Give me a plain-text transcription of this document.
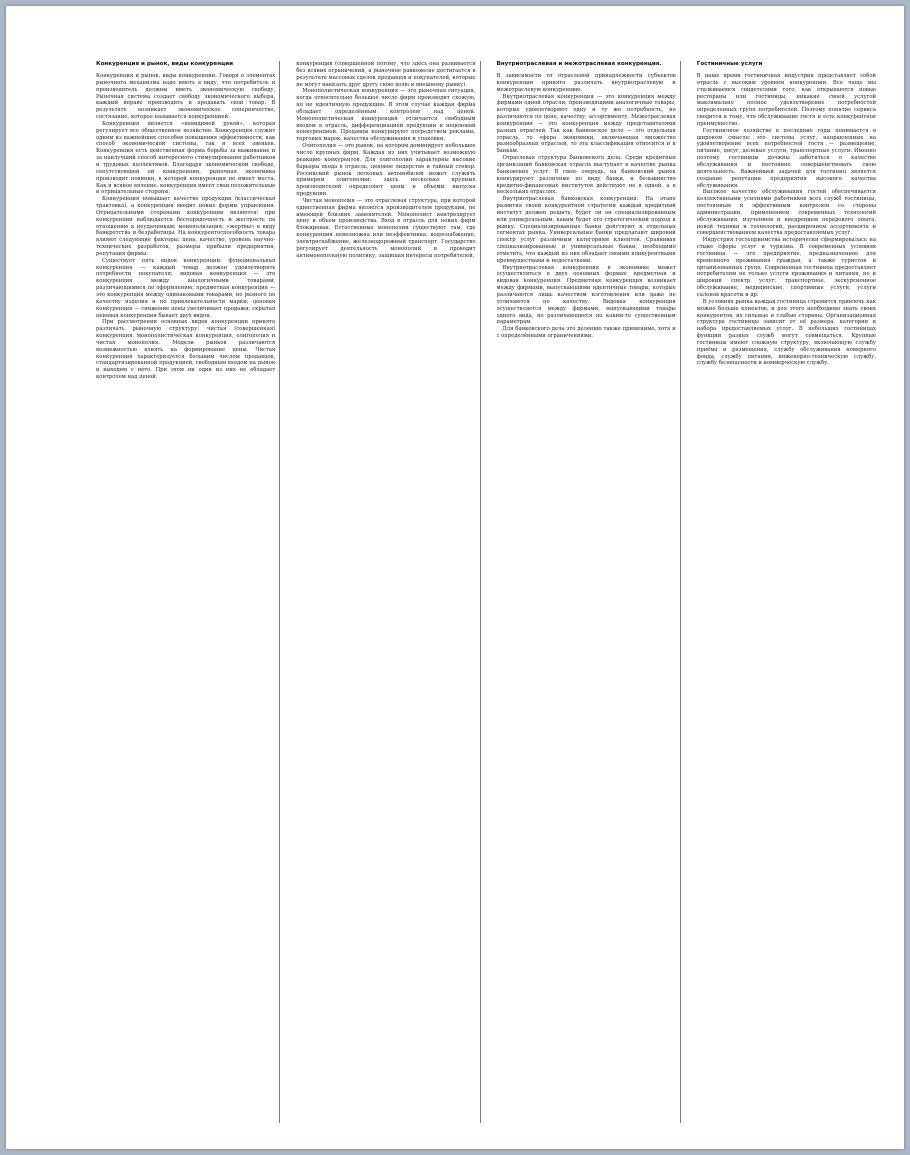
Конкуренция и рынок, виды конкуренции

Конкуренция и рынок, виды конкуренции. Говоря о элементах рыночного механизма надо иметь в виду, что потребитель и производитель должны иметь экономическую свободу. Рыночная система создает свободу экономического выбора, каждый вправе производить и продавать свой товар. В результате возникает экономическое соперничество, состязание, которое называется конкуренцией.

Конкуренция является «невидимой рукой», которая регулирует все общественное хозяйство. Конкуренция служит одним из важнейших способов повышения эффективности, как способ экономической системы, так и всех звеньев. Конкуренция есть действенная форма борьбы за выживание и за наилучший способ интересного стимулирования работников и трудовых коллективов. Благодаря экономической свободе, сопутствующей ей конкуренции, рыночная экономика производит новинки, в которой конкуренция не имеет места. Как и всякое явление, конкуренция имеет свои положительные и отрицательные стороны.

Конкуренция повышает качество продукции (классическая трактовка), а конкуренция вводит новые формы управления. Отрицательными сторонами конкуренции являются: при конкуренции наблюдается беспорядочность и жесткость по отношению к неудачникам; монополизация; «жертвы» в виду банкротства и безработицы. На конкурентоспособность товара влияют следующие факторы: цена, качество, уровень научно-технических разработок, размеры прибыли предприятия, репутация фирмы.

Существует пять видов конкуренции: функциональная конкуренция — каждый товар должен удовлетворять потребности покупателя; видовая конкуренция — это конкуренция между аналогичными товарами, различающимися по оформлению; предметная конкуренция — это конкуренция между одинаковыми товарами, но разного по качеству изделия и по привлекательности марки; ценовая конкуренция — снижение цены увеличивает продажи; скрытая ценовая конкуренция бывает двух видов.

При рассмотрении основных видов конкуренции принято различать рыночную структуру: чистая (совершенная) конкуренция, монополистическая конкуренция, олигополия и чистая монополия. Модели рынков различаются возможностью влиять на формирование цены. Чистая конкуренция характеризуется большим числом продавцов, стандартизированной продукцией, свободным входом на рынок и выходом с него. При этом ни один из них не обладает контролем над ценой.

конкуренция (совершенной потому, что здесь она развивается без всяких ограничений, а рыночное равновесие достигается в результате массовых сделок продавцов и покупателей, которые не могут навязать друг другу свою волю и внешнему рынку).

Монополистическая конкуренция — это рыночная ситуация, когда относительно большое число фирм производит схожую, но не идентичную продукцию. В этом случае каждая фирма обладает определённым контролем над ценой. Монополистическая конкуренция отличается свободным входом в отрасль, дифференциацией продукции и неценовой конкуренцией. Продавцы конкурируют посредством рекламы, торговых марок, качества обслуживания и упаковки.

Олигополия — это рынок, на котором доминирует небольшое число крупных фирм. Каждая из них учитывает возможную реакцию конкурентов. Для олигополии характерны высокие барьеры входа в отрасль, ценовое лидерство и тайный сговор. Российский рынок легковых автомобилей может служить примером олигополии: здесь несколько крупных производителей определяют цены и объемы выпуска продукции.

Чистая монополия — это отраслевая структура, при которой единственная фирма является производителем продукции, не имеющей близких заменителей. Монополист контролирует цену и объем производства. Вход в отрасль для новых фирм блокирован. Естественные монополии существуют там, где конкуренция невозможна или неэффективна: водоснабжение, электроснабжение, железнодорожный транспорт. Государство регулирует деятельность монополий и проводит антимонопольную политику, защищая интересы потребителей.

Внутриотраслевая и межотраслевая конкуренция.

В зависимости от отраслевой принадлежности субъектов конкуренции принято различать внутриотраслевую и межотраслевую конкуренцию.

Внутриотраслевая конкуренция — это конкуренция между фирмами одной отрасли, производящими аналогичные товары, которые удовлетворяют одну и ту же потребность, но различаются по цене, качеству, ассортименту. Межотраслевая конкуренция — это конкуренция между представителями разных отраслей. Так как банковское дело — это отдельная отрасль, то сфера экономики, включающая множество разнообразных отраслей, то эта классификация относится и к банкам.

Отраслевая структура банковского дела. Среди кредитных организаций банковская отрасль выступает в качестве рынка банковских услуг. В свою очередь, на банковский рынок конкурируют различные по виду банки, и большинство кредитно-финансовых институтов действуют не в одной, а в нескольких отраслях.

Внутриотраслевая банковская конкуренция. На этапе развития своей конкурентной стратегии каждый кредитный институт должен решить, будет ли он специализированным или универсальным, каким будет его стратегический подход к рынку. Специализированные банки действуют в отдельных сегментах рынка. Универсальные банки предлагают широкий спектр услуг различным категориям клиентов. Сравнивая специализированные и универсальные банки, необходимо отметить, что каждый из них обладает своими конкурентными преимуществами и недостатками.

Внутриотраслевая конкуренция в экономике может осуществляться в двух основных формах: предметная и видовая конкуренция. Предметная конкуренция возникает между фирмами, выпускающими идентичные товары, которые различаются лишь качеством изготовления или даже не отличаются по качеству. Видовая конкуренция осуществляется между фирмами, выпускающими товары одного вида, но различающиеся по каким-то существенным параметрам.

Для банковского дела это делению также применимо, хотя и с определёнными ограничениями.

Гостиничные услуги

В наше время гостиничная индустрия представляет собой отрасль с высоким уровнем конкуренции. Все чаще мы сталкиваемся свидетелями того, как открываются новые рестораны или гостиницы, никакие своей услугой максимально полное удовлетворение потребностей определенных групп потребителей. Поэтому понятие сервиса сводится к тому, что обслуживание гостя и есть конкурентное преимущество.

Гостиничное хозяйство в последние годы понимается в широком смысле: это система услуг, направленных на удовлетворение всех потребностей гостя — размещение, питание, досуг, деловые услуги, транспортные услуги. Именно поэтому гостиницы должны заботиться о качестве обслуживания и постоянно совершенствовать свою деятельность. Важнейшей задачей для гостиниц является создание репутации предприятия высокого качества обслуживания.

Высокое качество обслуживания гостей обеспечивается коллективными усилиями работников всех служб гостиницы, постоянным и эффективным контролем со стороны администрации, применением современных технологий обслуживания, изучением и внедрением передового опыта, новой техники и технологий, расширением ассортимента и совершенствованием качества предоставляемых услуг.

Индустрия гостеприимства исторически сформировалась на стыке сферы услуг и туризма. В современных условиях гостиница — это предприятие, предназначенное для временного проживания граждан, а также туристов и организованных групп. Современная гостиница предоставляет потребителям не только услуги проживания и питания, но и широкий спектр услуг: транспортное, экскурсионное обслуживание, медицинские, спортивные услуги, услуги салонов красоты и др.

В условиях рынка каждая гостиница стремится привлечь как можно больше клиентов, и для этого необходимо знать своих конкурентов, их сильные и слабые стороны. Организационная структура гостиницы зависит от её размера, категории и набора предоставляемых услуг. В небольших гостиницах функции разных служб могут совмещаться. Крупные гостиницы имеют сложную структуру, включающую службу приёма и размещения, службу обслуживания номерного фонда, службу питания, инженерно-техническую службу, службу безопасности и коммерческую службу.
